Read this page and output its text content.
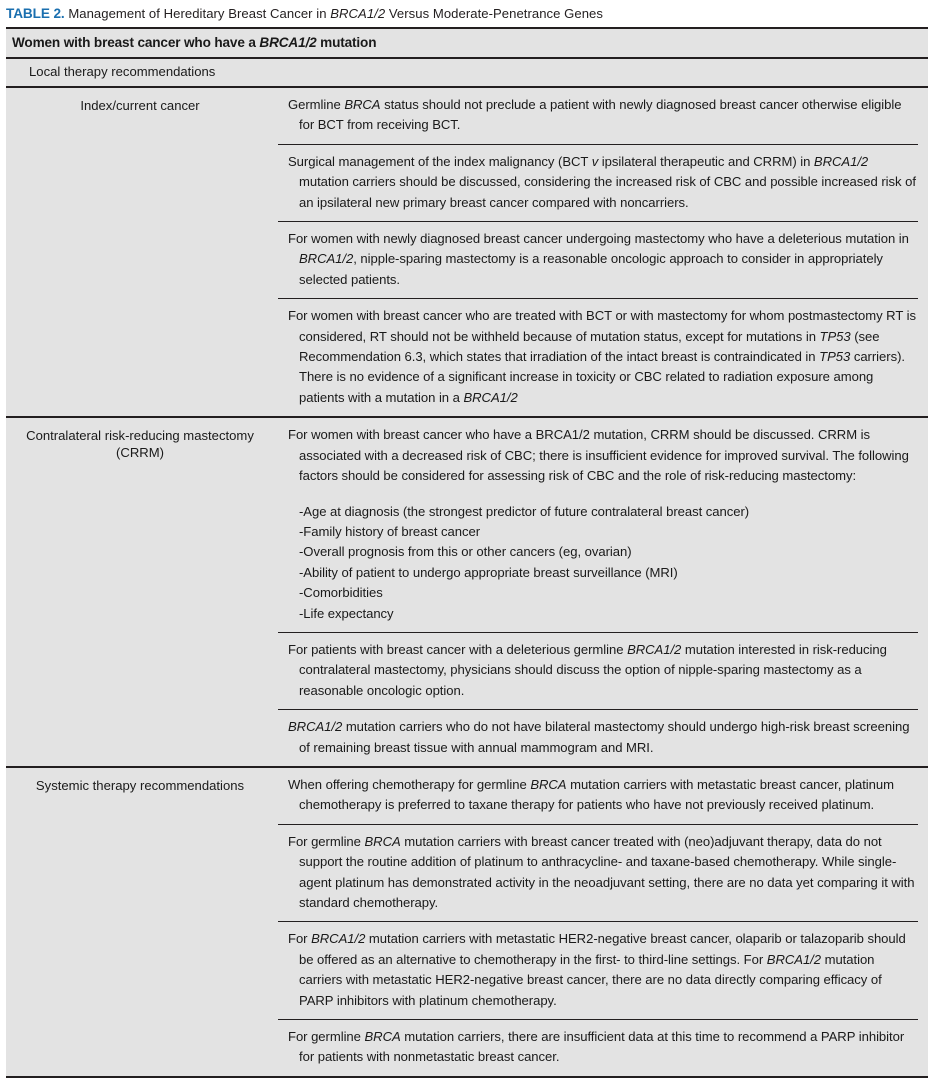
TABLE 2. Management of Hereditary Breast Cancer in BRCA1/2 Versus Moderate-Penetrance Genes
Women with breast cancer who have a BRCA1/2 mutation
Local therapy recommendations
Index/current cancer	Germline BRCA status should not preclude a patient with newly diagnosed breast cancer otherwise eligible for BCT from receiving BCT.
Surgical management of the index malignancy (BCT v ipsilateral therapeutic and CRRM) in BRCA1/2 mutation carriers should be discussed, considering the increased risk of CBC and possible increased risk of an ipsilateral new primary breast cancer compared with noncarriers.
For women with newly diagnosed breast cancer undergoing mastectomy who have a deleterious mutation in BRCA1/2, nipple-sparing mastectomy is a reasonable oncologic approach to consider in appropriately selected patients.
For women with breast cancer who are treated with BCT or with mastectomy for whom postmastectomy RT is considered, RT should not be withheld because of mutation status, except for mutations in TP53 (see Recommendation 6.3, which states that irradiation of the intact breast is contraindicated in TP53 carriers). There is no evidence of a significant increase in toxicity or CBC related to radiation exposure among patients with a mutation in a BRCA1/2
Contralateral risk-reducing mastectomy (CRRM)
For women with breast cancer who have a BRCA1/2 mutation, CRRM should be discussed. CRRM is associated with a decreased risk of CBC; there is insufficient evidence for improved survival. The following factors should be considered for assessing risk of CBC and the role of risk-reducing mastectomy:
-Age at diagnosis (the strongest predictor of future contralateral breast cancer)
-Family history of breast cancer
-Overall prognosis from this or other cancers (eg, ovarian)
-Ability of patient to undergo appropriate breast surveillance (MRI)
-Comorbidities
-Life expectancy
For patients with breast cancer with a deleterious germline BRCA1/2 mutation interested in risk-reducing contralateral mastectomy, physicians should discuss the option of nipple-sparing mastectomy as a reasonable oncologic option.
BRCA1/2 mutation carriers who do not have bilateral mastectomy should undergo high-risk breast screening of remaining breast tissue with annual mammogram and MRI.
Systemic therapy recommendations	When offering chemotherapy for germline BRCA mutation carriers with metastatic breast cancer, platinum chemotherapy is preferred to taxane therapy for patients who have not previously received platinum.
For germline BRCA mutation carriers with breast cancer treated with (neo)adjuvant therapy, data do not support the routine addition of platinum to anthracycline- and taxane-based chemotherapy. While single-agent platinum has demonstrated activity in the neoadjuvant setting, there are no data yet comparing it with standard chemotherapy.
For BRCA1/2 mutation carriers with metastatic HER2-negative breast cancer, olaparib or talazoparib should be offered as an alternative to chemotherapy in the first- to third-line settings. For BRCA1/2 mutation carriers with metastatic HER2-negative breast cancer, there are no data directly comparing efficacy of PARP inhibitors with platinum chemotherapy.
For germline BRCA mutation carriers, there are insufficient data at this time to recommend a PARP inhibitor for patients with nonmetastatic breast cancer.
